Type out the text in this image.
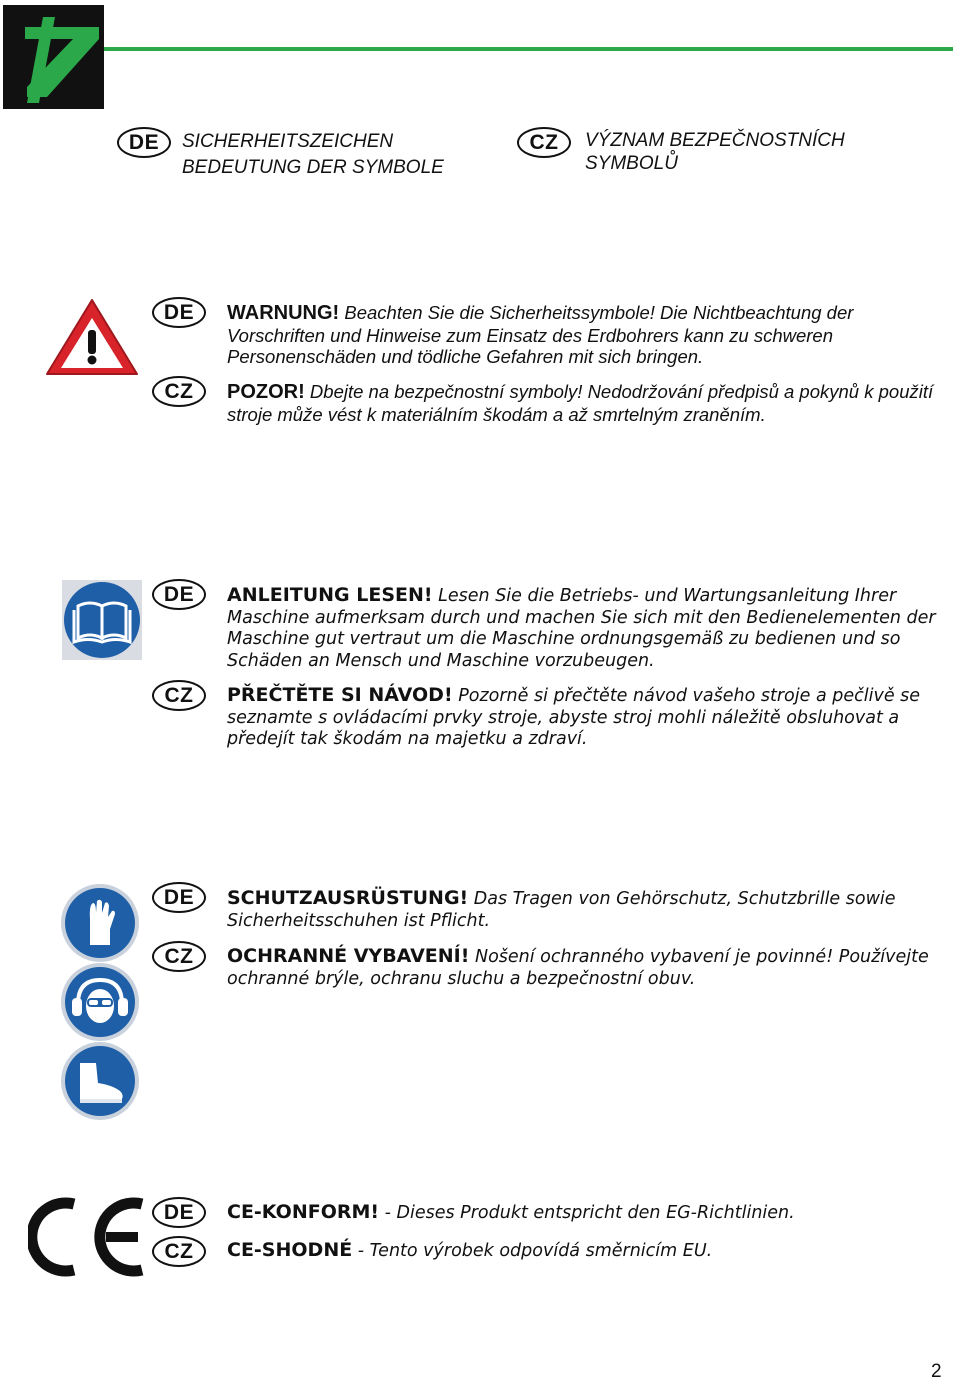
DE	SICHERHEITSZEICHEN
BEDEUTUNG DER SYMBOLE
CZ	VÝZNAM BEZPEČNOSTNÍCH
SYMBOLŮ
DE	WARNUNG! Beachten Sie die Sicherheitssymbole! Die Nichtbeachtung der Vorschriften und Hinweise zum Einsatz des Erdbohrers kann zu schweren Personenschäden und tödliche Gefahren mit sich bringen.
CZ	POZOR! Dbejte na bezpečnostní symboly! Nedodržování předpisů a pokynů k použití stroje může vést k materiálním škodám a až smrtelným zraněním.
DE	ANLEITUNG LESEN! Lesen Sie die Betriebs- und Wartungsanleitung Ihrer Maschine aufmerksam durch und machen Sie sich mit den Bedienelementen der Maschine gut vertraut um die Maschine ordnungsgemäß zu bedienen und so Schäden an Mensch und Maschine vorzubeugen.
CZ	PŘEČTĚTE SI NÁVOD! Pozorně si přečtěte návod vašeho stroje a pečlivě se seznamte s ovládacími prvky stroje, abyste stroj mohli náležitě obsluhovat a předejít tak škodám na majetku a zdraví.
DE	SCHUTZAUSRÜSTUNG! Das Tragen von Gehörschutz, Schutzbrille sowie Sicherheitsschuhen ist Pflicht.
CZ	OCHRANNÉ VYBAVENÍ! Nošení ochranného vybavení je povinné! Používejte ochranné brýle, ochranu sluchu a bezpečnostní obuv.
DE	CE-KONFORM! - Dieses Produkt entspricht den EG-Richtlinien.
CZ	CE-SHODNÉ - Tento výrobek odpovídá směrnicím EU.
2
